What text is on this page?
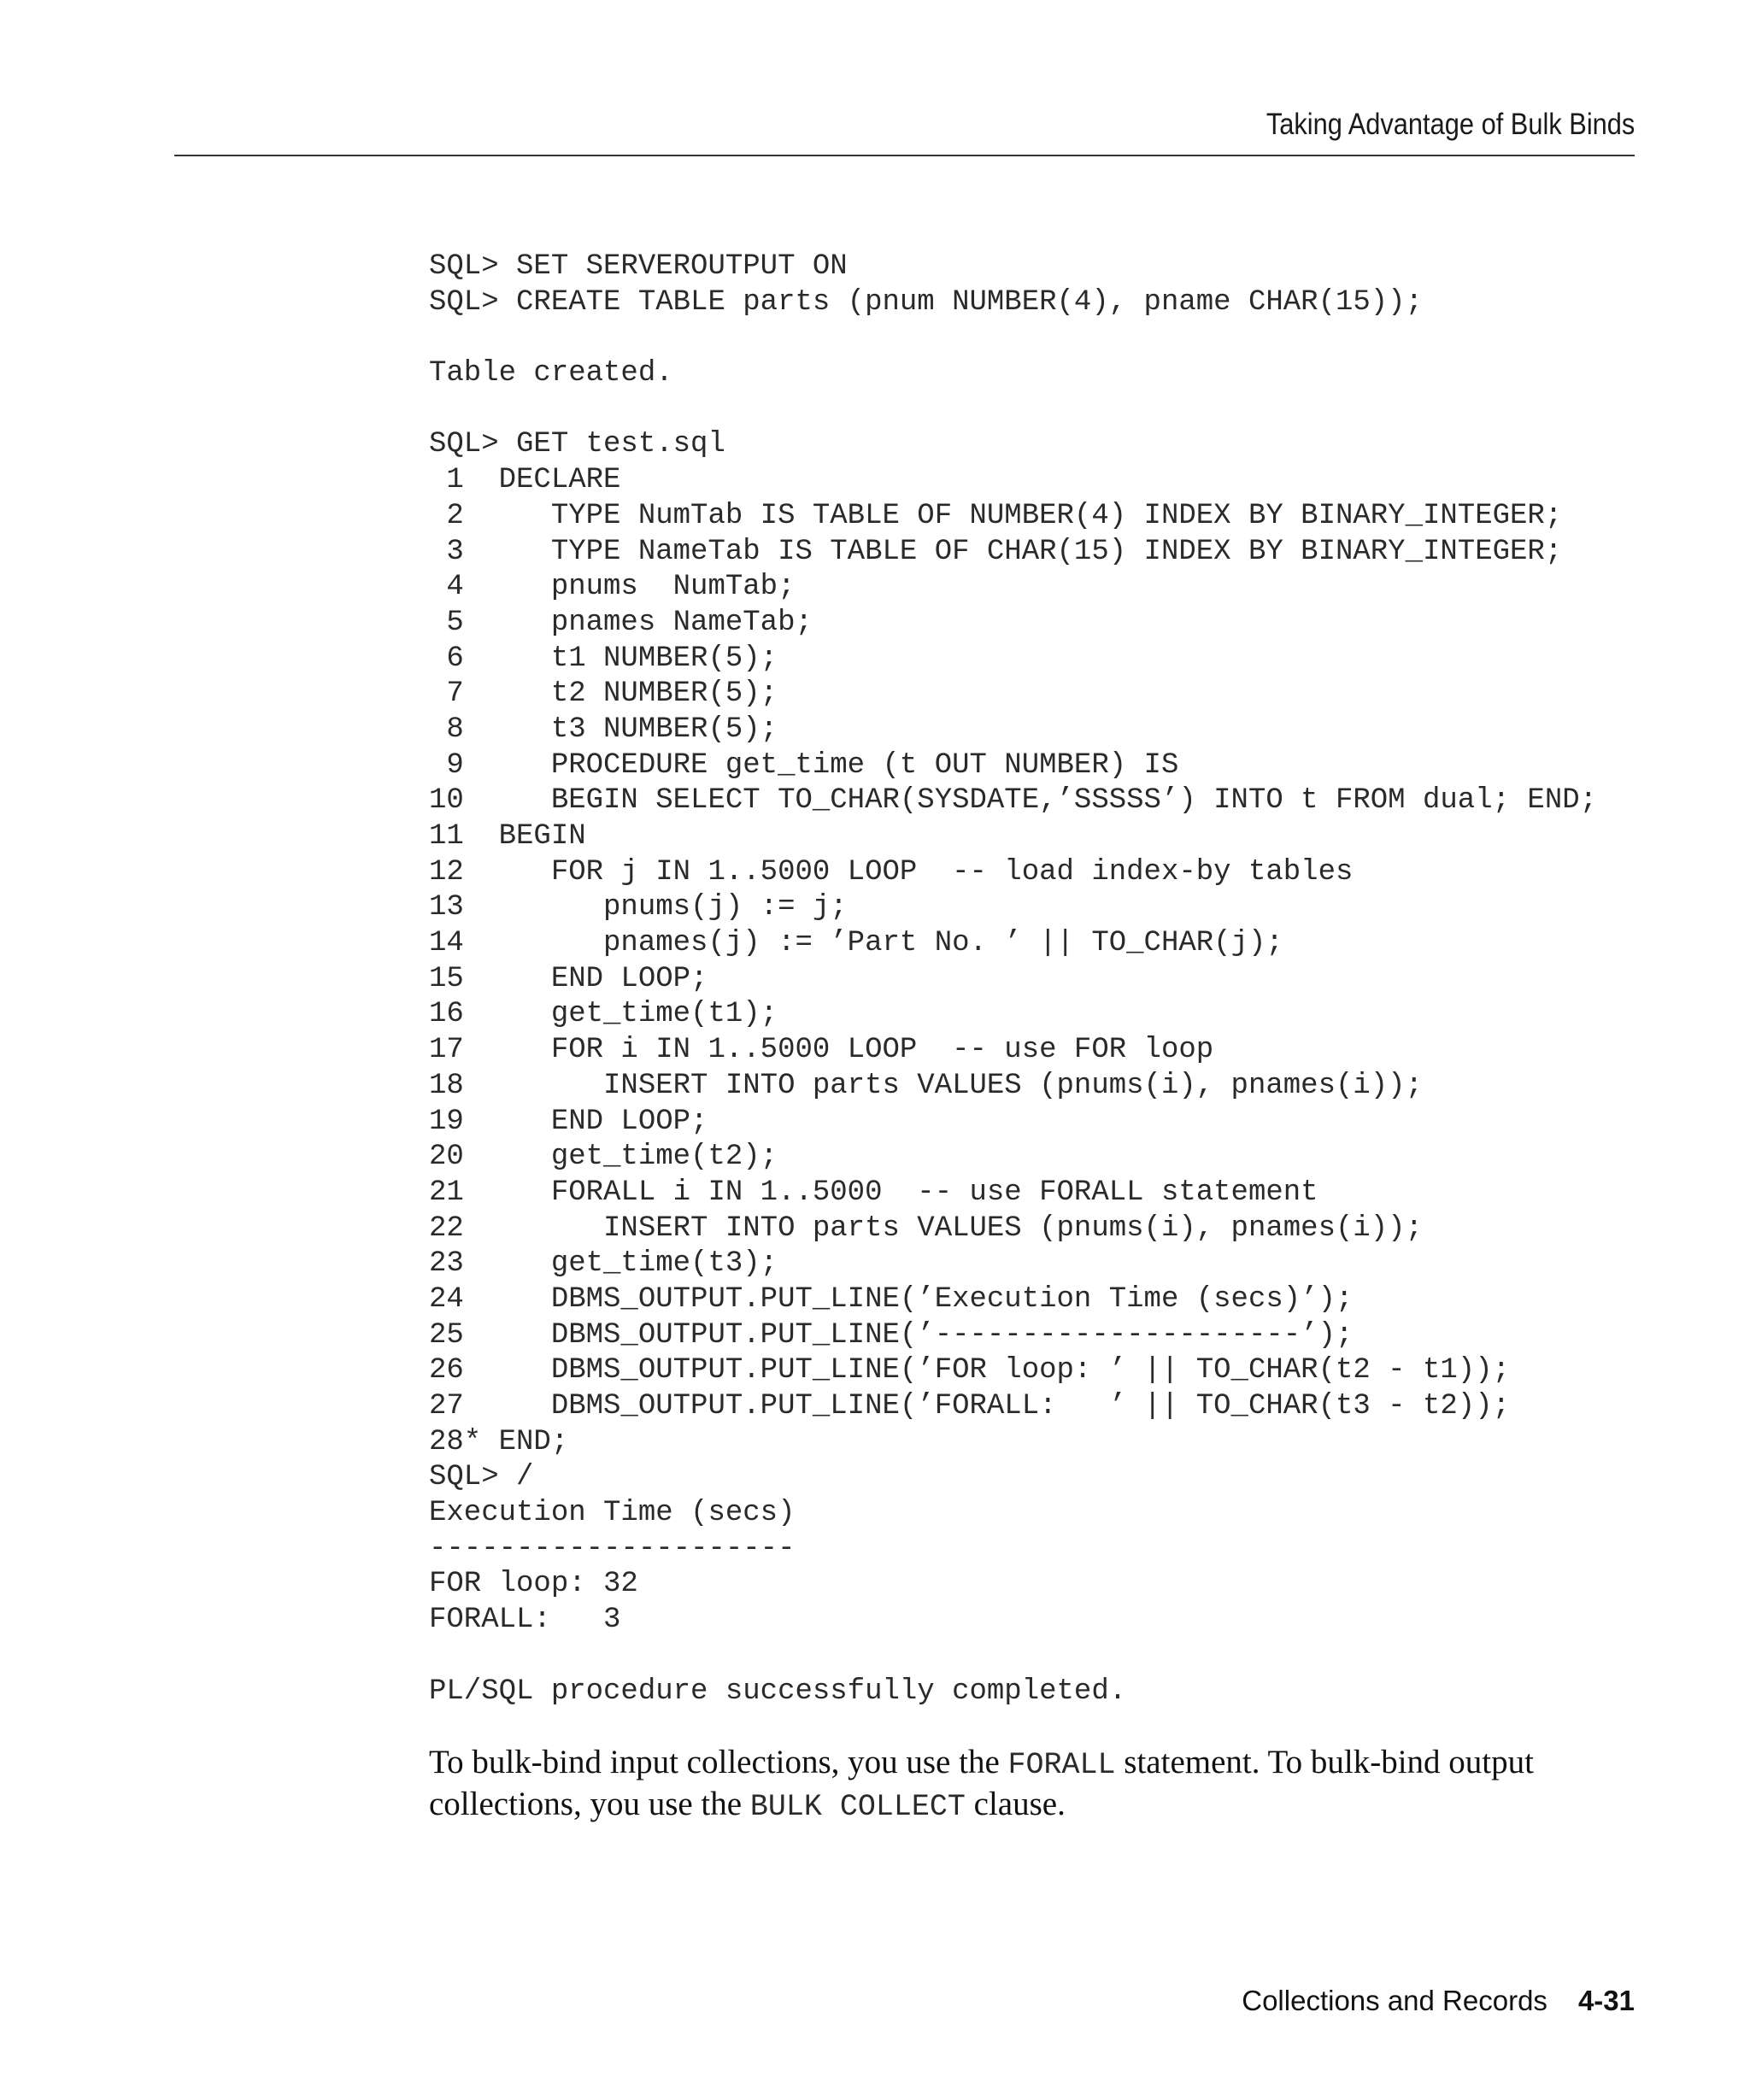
Taking Advantage of Bulk Binds
SQL> SET SERVEROUTPUT ON
SQL> CREATE TABLE parts (pnum NUMBER(4), pname CHAR(15));
Table created.
SQL> GET test.sql
1  DECLARE
2     TYPE NumTab IS TABLE OF NUMBER(4) INDEX BY BINARY_INTEGER;
3     TYPE NameTab IS TABLE OF CHAR(15) INDEX BY BINARY_INTEGER;
4     pnums  NumTab;
5     pnames NameTab;
6     t1 NUMBER(5);
7     t2 NUMBER(5);
8     t3 NUMBER(5);
9     PROCEDURE get_time (t OUT NUMBER) IS
10     BEGIN SELECT TO_CHAR(SYSDATE,’SSSSS’) INTO t FROM dual; END;
11  BEGIN
12     FOR j IN 1..5000 LOOP  -- load index-by tables
13        pnums(j) := j;
14        pnames(j) := ’Part No. ’ || TO_CHAR(j);
15     END LOOP;
16     get_time(t1);
17     FOR i IN 1..5000 LOOP  -- use FOR loop
18        INSERT INTO parts VALUES (pnums(i), pnames(i));
19     END LOOP;
20     get_time(t2);
21     FORALL i IN 1..5000  -- use FORALL statement
22        INSERT INTO parts VALUES (pnums(i), pnames(i));
23     get_time(t3);
24     DBMS_OUTPUT.PUT_LINE(’Execution Time (secs)’);
25     DBMS_OUTPUT.PUT_LINE(’---------------------’);
26     DBMS_OUTPUT.PUT_LINE(’FOR loop: ’ || TO_CHAR(t2 - t1));
27     DBMS_OUTPUT.PUT_LINE(’FORALL:   ’ || TO_CHAR(t3 - t2));
28* END;
SQL> /
Execution Time (secs)
---------------------
FOR loop: 32
FORALL:   3
PL/SQL procedure successfully completed.

To bulk-bind input collections, you use the FORALL statement. To bulk-bind output collections, you use the BULK COLLECT clause.

Collections and Records 4-31
